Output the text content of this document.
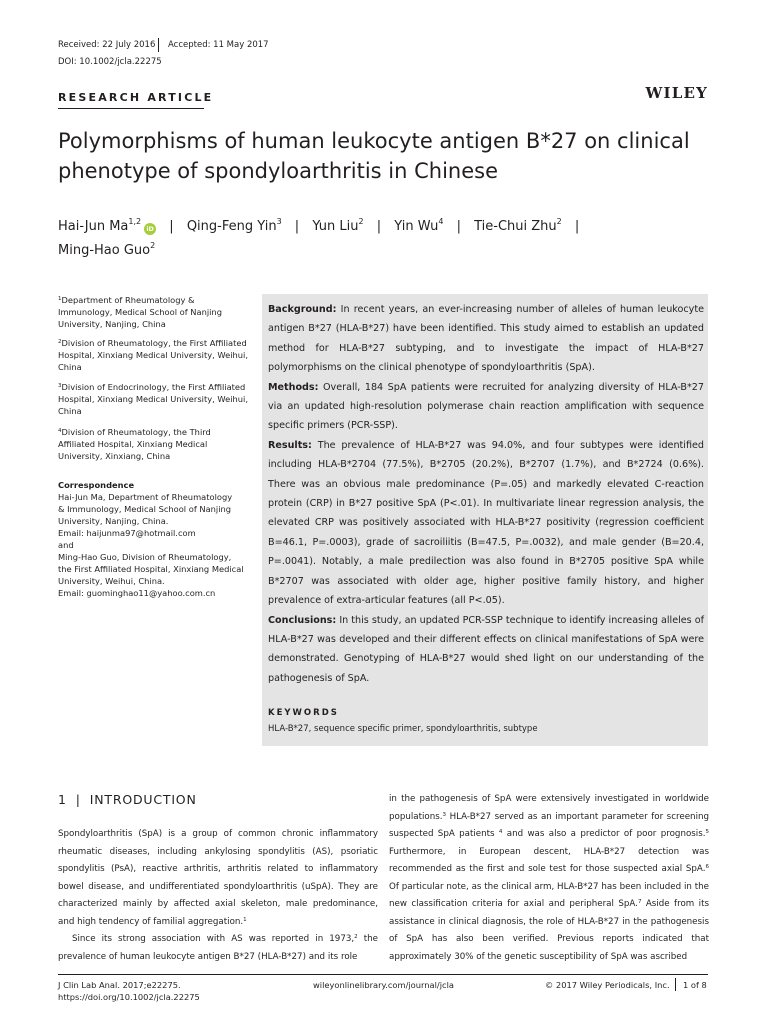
Received: 22 July 2016 Accepted: 11 May 2017
DOI: 10.1002/jcla.22275
RESEARCH ARTICLE	WILEY
Polymorphisms of human leukocyte antigen B*27 on clinical phenotype of spondyloarthritis in Chinese
Hai-Jun Ma$^{1,2}$iD | Qing-Feng Yin$^3$ | Yun Liu$^2$ | Yin Wu$^4$ | Tie-Chui Zhu$^2$ |
Ming-Hao Guo$^2$
$^1$Department of Rheumatology & Immunology, Medical School of Nanjing University, Nanjing, China
$^2$Division of Rheumatology, the First Affiliated Hospital, Xinxiang Medical University, Weihui, China
$^3$Division of Endocrinology, the First Affiliated Hospital, Xinxiang Medical University, Weihui, China
$^4$Division of Rheumatology, the Third Affiliated Hospital, Xinxiang Medical University, Xinxiang, China
Correspondence
Hai-Jun Ma, Department of Rheumatology
& Immunology, Medical School of Nanjing
University, Nanjing, China.
Email: haijunma97@hotmail.com
and
Ming-Hao Guo, Division of Rheumatology,
the First Affiliated Hospital, Xinxiang Medical
University, Weihui, China.
Email: guominghao11@yahoo.com.cn

Background: In recent years, an ever-increasing number of alleles of human leukocyte antigen B*27 (HLA-B*27) have been identified. This study aimed to establish an updated method for HLA-B*27 subtyping, and to investigate the impact of HLA-B*27 polymorphisms on the clinical phenotype of spondyloarthritis (SpA).

Methods: Overall, 184 SpA patients were recruited for analyzing diversity of HLA-B*27 via an updated high-resolution polymerase chain reaction amplification with sequence specific primers (PCR-SSP).

Results: The prevalence of HLA-B*27 was 94.0%, and four subtypes were identified including HLA-B*2704 (77.5%), B*2705 (20.2%), B*2707 (1.7%), and B*2724 (0.6%). There was an obvious male predominance (P=.05) and markedly elevated C-reaction protein (CRP) in B*27 positive SpA (P<.01). In multivariate linear regression analysis, the elevated CRP was positively associated with HLA-B*27 positivity (regression coefficient B=46.1, P=.0003), grade of sacroiliitis (B=47.5, P=.0032), and male gender (B=20.4, P=.0041). Notably, a male predilection was also found in B*2705 positive SpA while B*2707 was associated with older age, higher positive family history, and higher prevalence of extra-articular features (all P<.05).

Conclusions: In this study, an updated PCR-SSP technique to identify increasing alleles of HLA-B*27 was developed and their different effects on clinical manifestations of SpA were demonstrated. Genotyping of HLA-B*27 would shed light on our understanding of the pathogenesis of SpA.

KEYWORDS
HLA-B*27, sequence specific primer, spondyloarthritis, subtype
1 | INTRODUCTION

Spondyloarthritis (SpA) is a group of common chronic inflammatory rheumatic diseases, including ankylosing spondylitis (AS), psoriatic spondylitis (PsA), reactive arthritis, arthritis related to inflammatory bowel disease, and undifferentiated spondyloarthritis (uSpA). They are characterized mainly by affected axial skeleton, male predominance, and high tendency of familial aggregation.$^1$

Since its strong association with AS was reported in 1973,$^2$ the prevalence of human leukocyte antigen B*27 (HLA-B*27) and its role

in the pathogenesis of SpA were extensively investigated in worldwide populations.$^3$ HLA-B*27 served as an important parameter for screening suspected SpA patients $^4$ and was also a predictor of poor prognosis.$^5$ Furthermore, in European descent, HLA-B*27 detection was recommended as the first and sole test for those suspected axial SpA.$^6$ Of particular note, as the clinical arm, HLA-B*27 has been included in the new classification criteria for axial and peripheral SpA.$^7$ Aside from its assistance in clinical diagnosis, the role of HLA-B*27 in the pathogenesis of SpA has also been verified. Previous reports indicated that approximately 30% of the genetic susceptibility of SpA was ascribed

J Clin Lab Anal. 2017;e22275.
https://doi.org/10.1002/jcla.22275
wileyonlinelibrary.com/journal/jcla	© 2017 Wiley Periodicals, Inc. 1 of 8
